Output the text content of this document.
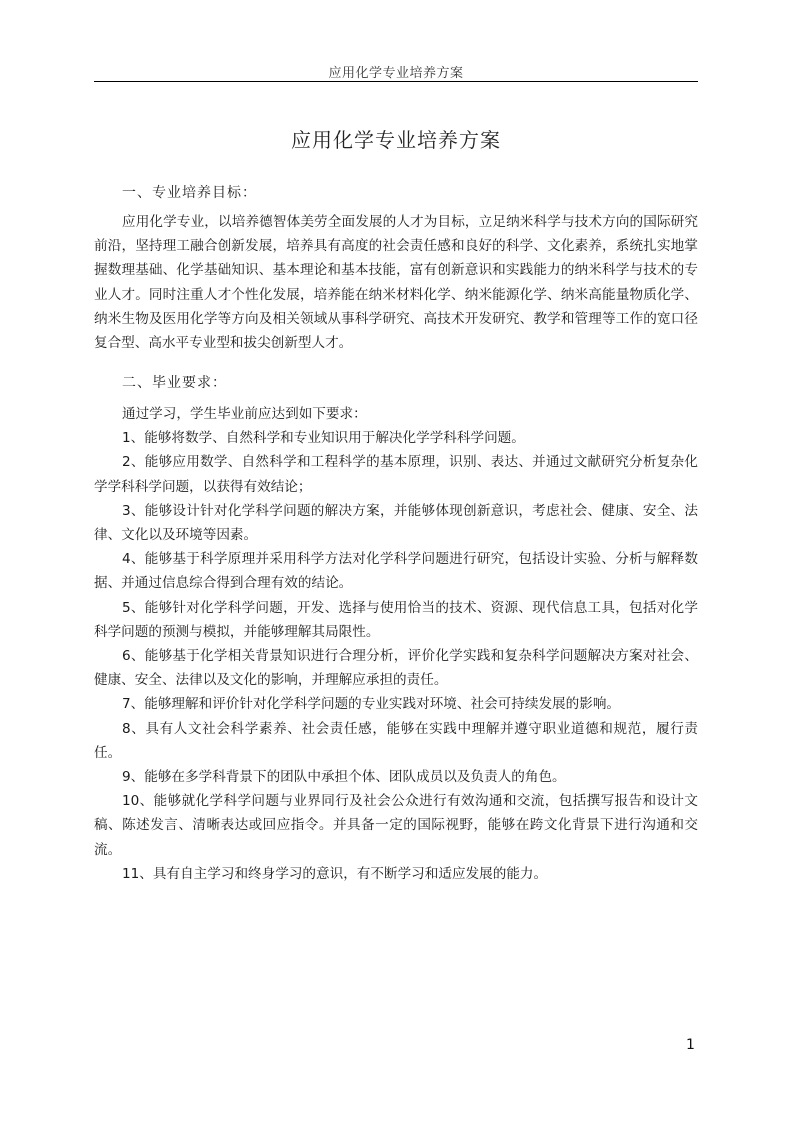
应用化学专业培养方案
应用化学专业培养方案
一、专业培养目标：

应用化学专业，以培养德智体美劳全面发展的人才为目标，立足纳米科学与技术方向的国际研究前沿，坚持理工融合创新发展，培养具有高度的社会责任感和良好的科学、文化素养，系统扎实地掌握数理基础、化学基础知识、基本理论和基本技能，富有创新意识和实践能力的纳米科学与技术的专业人才。同时注重人才个性化发展，培养能在纳米材料化学、纳米能源化学、纳米高能量物质化学、纳米生物及医用化学等方向及相关领域从事科学研究、高技术开发研究、教学和管理等工作的宽口径复合型、高水平专业型和拔尖创新型人才。

二、毕业要求：

通过学习，学生毕业前应达到如下要求：

1、能够将数学、自然科学和专业知识用于解决化学学科科学问题。

2、能够应用数学、自然科学和工程科学的基本原理，识别、表达、并通过文献研究分析复杂化学学科科学问题，以获得有效结论；

3、能够设计针对化学科学问题的解决方案，并能够体现创新意识，考虑社会、健康、安全、法律、文化以及环境等因素。

4、能够基于科学原理并采用科学方法对化学科学问题进行研究，包括设计实验、分析与解释数据、并通过信息综合得到合理有效的结论。

5、能够针对化学科学问题，开发、选择与使用恰当的技术、资源、现代信息工具，包括对化学科学问题的预测与模拟，并能够理解其局限性。

6、能够基于化学相关背景知识进行合理分析，评价化学实践和复杂科学问题解决方案对社会、健康、安全、法律以及文化的影响，并理解应承担的责任。

7、能够理解和评价针对化学科学问题的专业实践对环境、社会可持续发展的影响。

8、具有人文社会科学素养、社会责任感，能够在实践中理解并遵守职业道德和规范，履行责任。

9、能够在多学科背景下的团队中承担个体、团队成员以及负责人的角色。

10、能够就化学科学问题与业界同行及社会公众进行有效沟通和交流，包括撰写报告和设计文稿、陈述发言、清晰表达或回应指令。并具备一定的国际视野，能够在跨文化背景下进行沟通和交流。

11、具有自主学习和终身学习的意识，有不断学习和适应发展的能力。

1
